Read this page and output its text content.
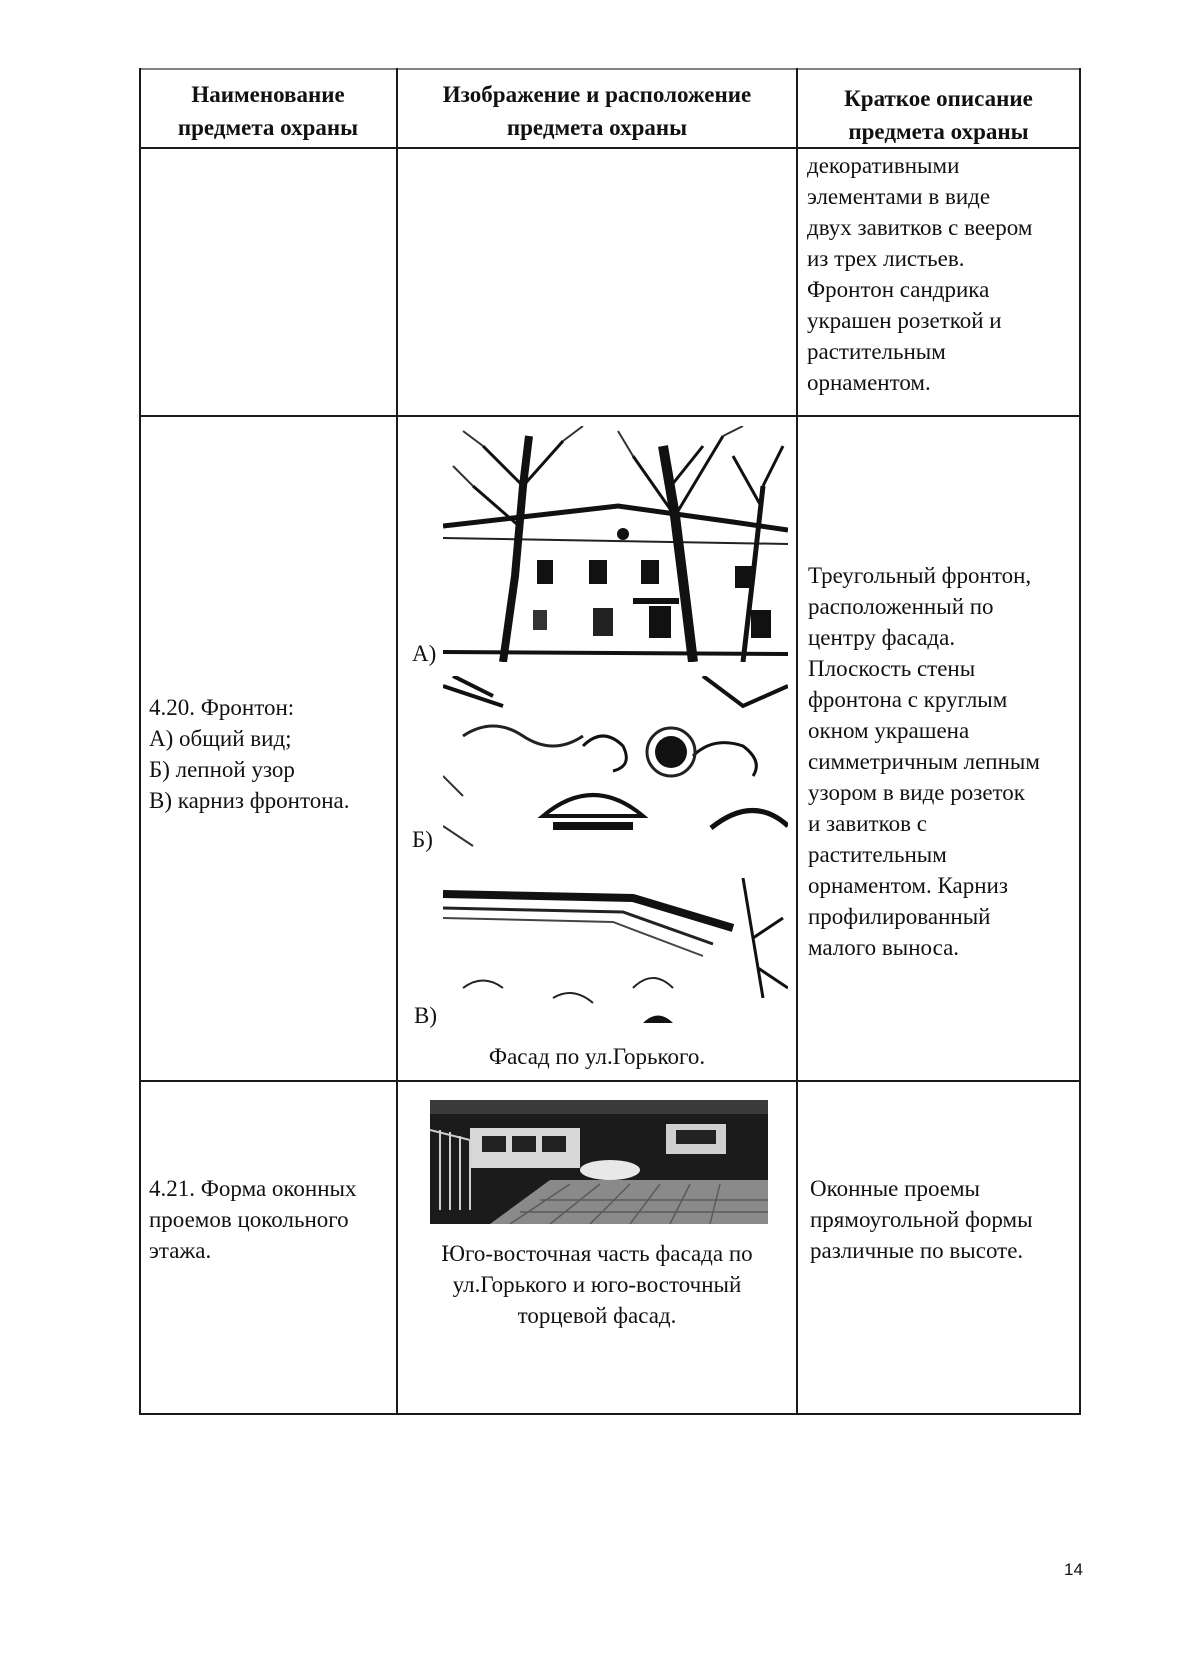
Наименование
предмета охраны
Изображение и расположение
предмета охраны
Краткое описание
предмета охраны
декоративными
элементами в виде
двух завитков с веером
из трех листьев.
Фронтон сандрика
украшен розеткой и
растительным
орнаментом.
4.20. Фронтон:
А) общий вид;
Б) лепной узор
В) карниз фронтона.
А)
Б)
В)
Фасад по ул.Горького.
Треугольный фронтон,
расположенный по
центру фасада.
Плоскость стены
фронтона с круглым
окном украшена
симметричным лепным
узором в виде розеток
и завитков с
растительным
орнаментом. Карниз
профилированный
малого выноса.
4.21. Форма оконных
проемов цокольного
этажа.	Юго-восточная часть фасада по
ул.Горького и юго-восточный
торцевой фасад.
Оконные проемы
прямоугольной формы
различные по высоте.
14
